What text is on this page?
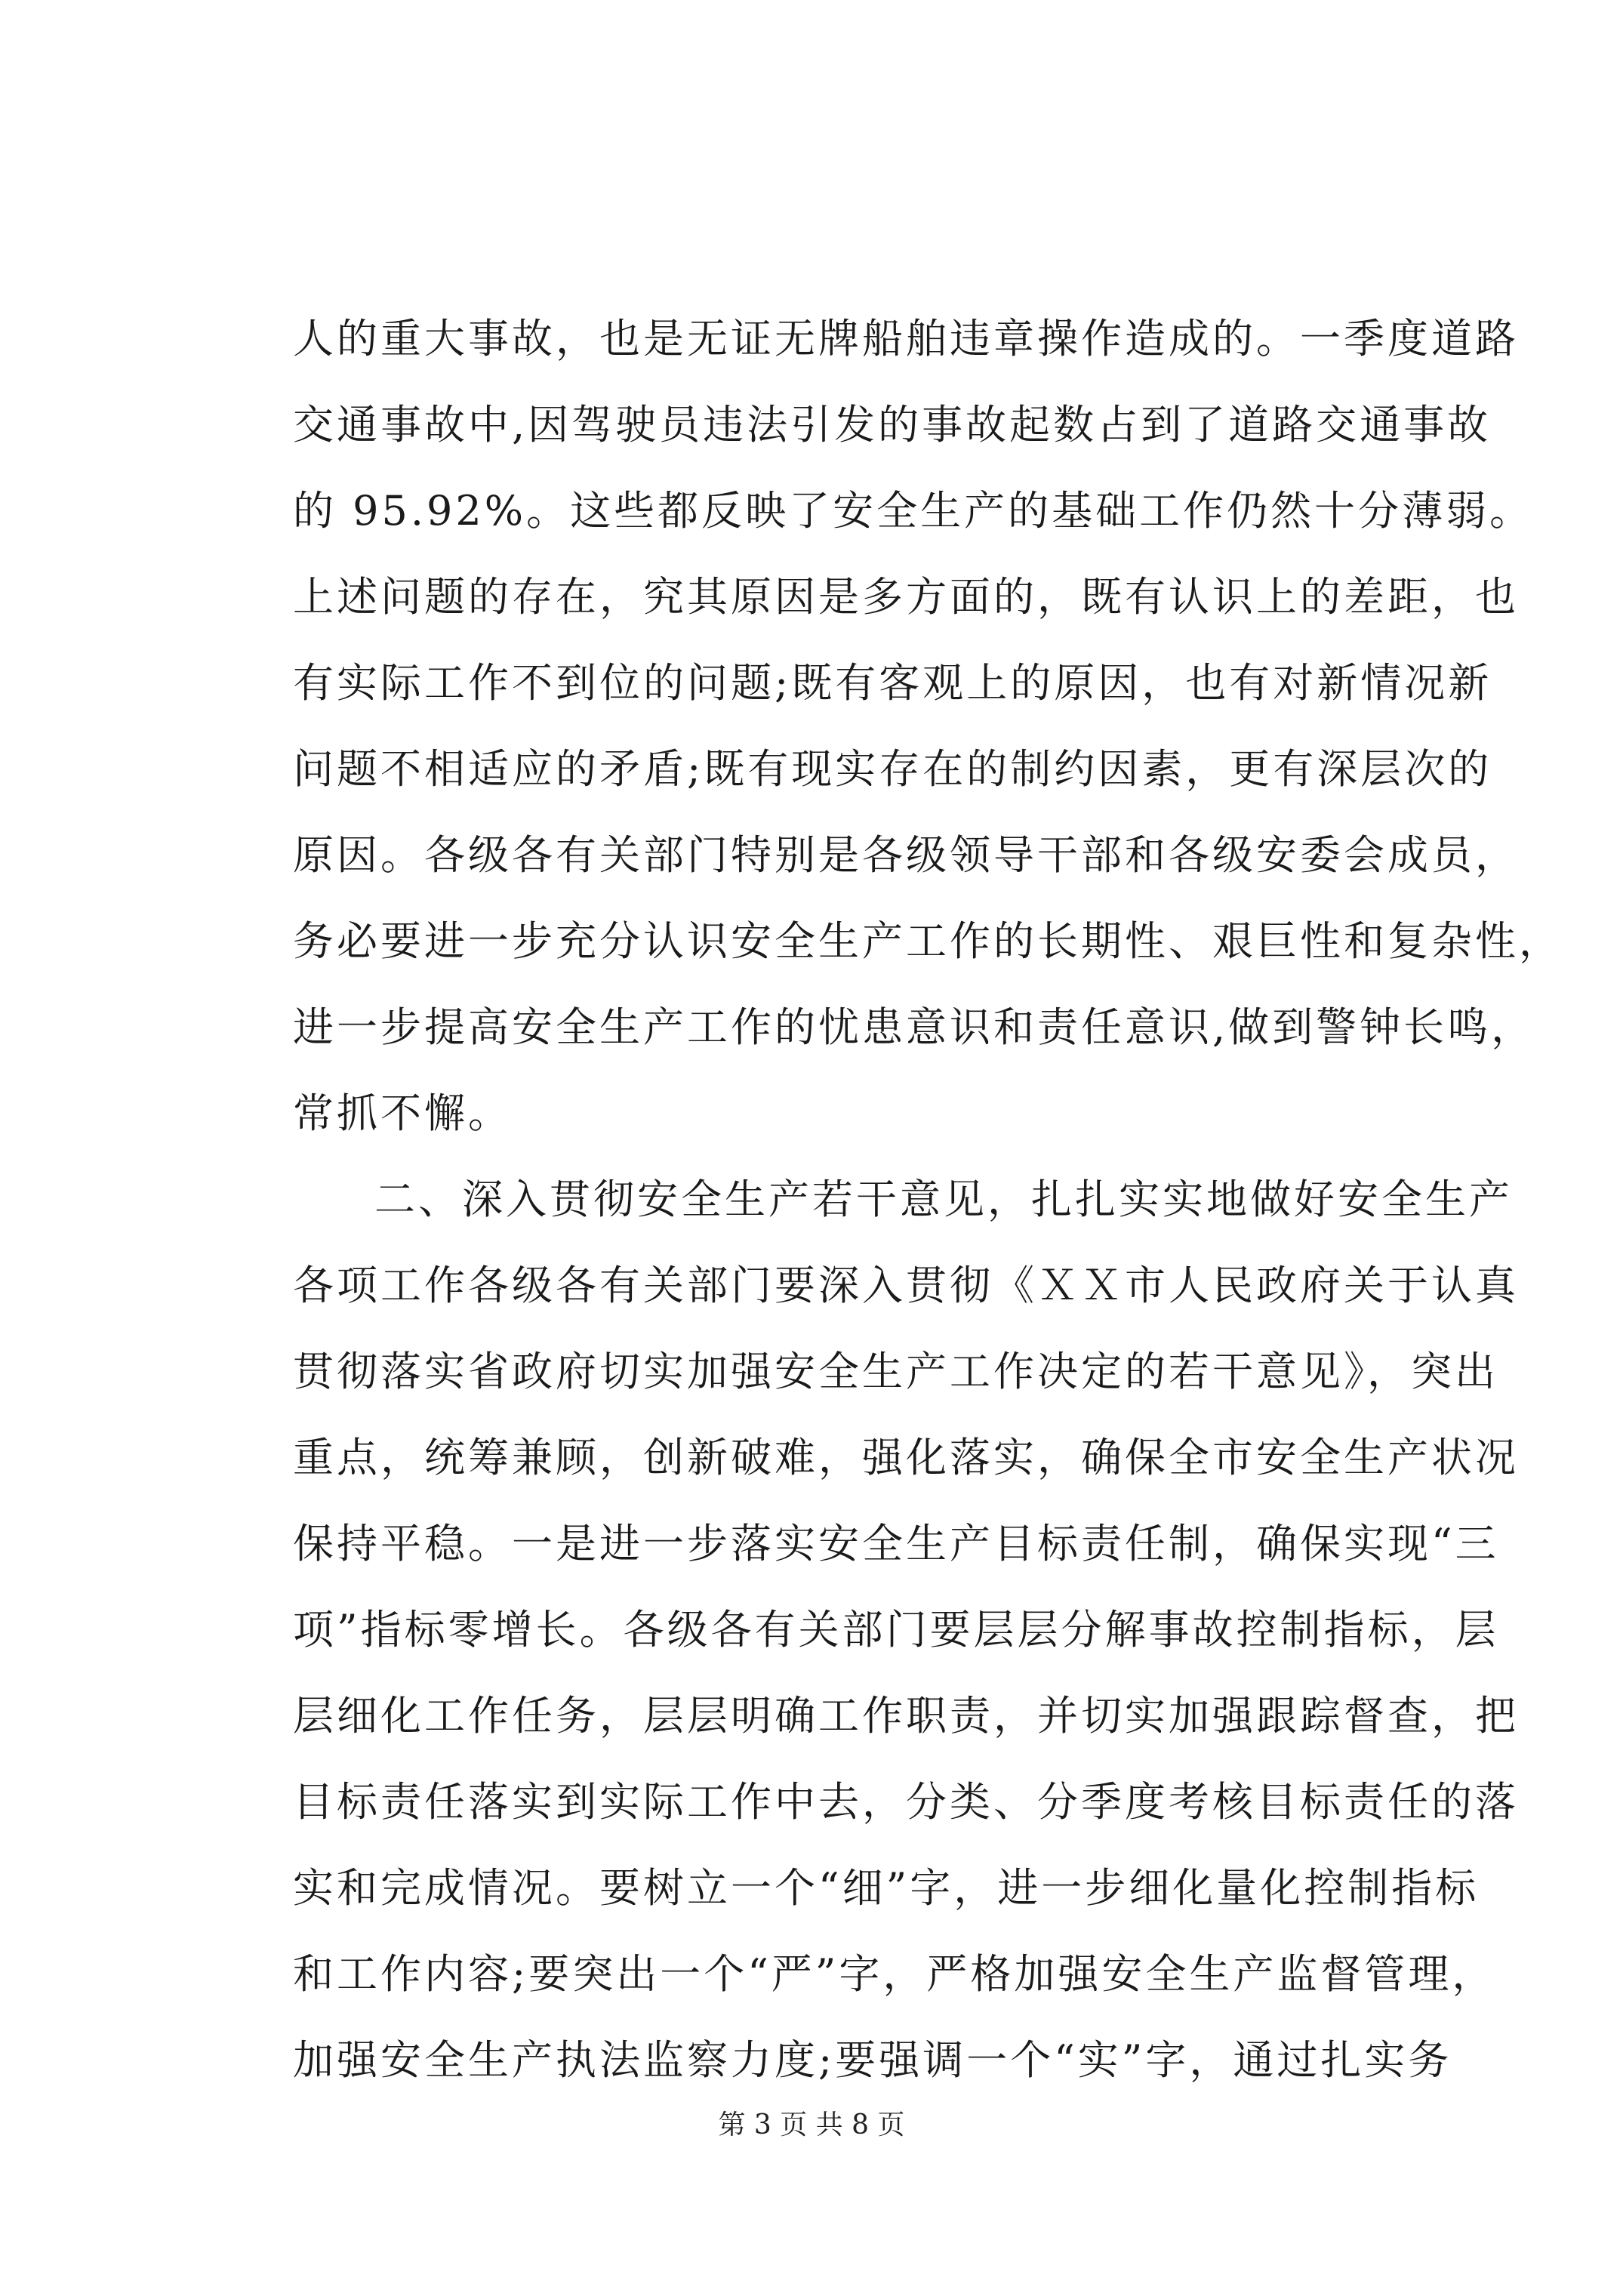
人的重大事故，也是无证无牌船舶违章操作造成的。一季度道路
交通事故中,因驾驶员违法引发的事故起数占到了道路交通事故
的 95.92%。这些都反映了安全生产的基础工作仍然十分薄弱。
上述问题的存在，究其原因是多方面的，既有认识上的差距，也
有实际工作不到位的问题;既有客观上的原因，也有对新情况新
问题不相适应的矛盾;既有现实存在的制约因素，更有深层次的
原因。各级各有关部门特别是各级领导干部和各级安委会成员，
务必要进一步充分认识安全生产工作的长期性、艰巨性和复杂性，
进一步提高安全生产工作的忧患意识和责任意识,做到警钟长鸣，
常抓不懈。
二、深入贯彻安全生产若干意见，扎扎实实地做好安全生产
各项工作各级各有关部门要深入贯彻《ＸＸ市人民政府关于认真
贯彻落实省政府切实加强安全生产工作决定的若干意见》，突出
重点，统筹兼顾，创新破难，强化落实，确保全市安全生产状况
保持平稳。一是进一步落实安全生产目标责任制，确保实现“三
项”指标零增长。各级各有关部门要层层分解事故控制指标，层
层细化工作任务，层层明确工作职责，并切实加强跟踪督查，把
目标责任落实到实际工作中去，分类、分季度考核目标责任的落
实和完成情况。要树立一个“细”字，进一步细化量化控制指标
和工作内容;要突出一个“严”字，严格加强安全生产监督管理，
加强安全生产执法监察力度;要强调一个“实”字，通过扎实务
第 3 页 共 8 页
